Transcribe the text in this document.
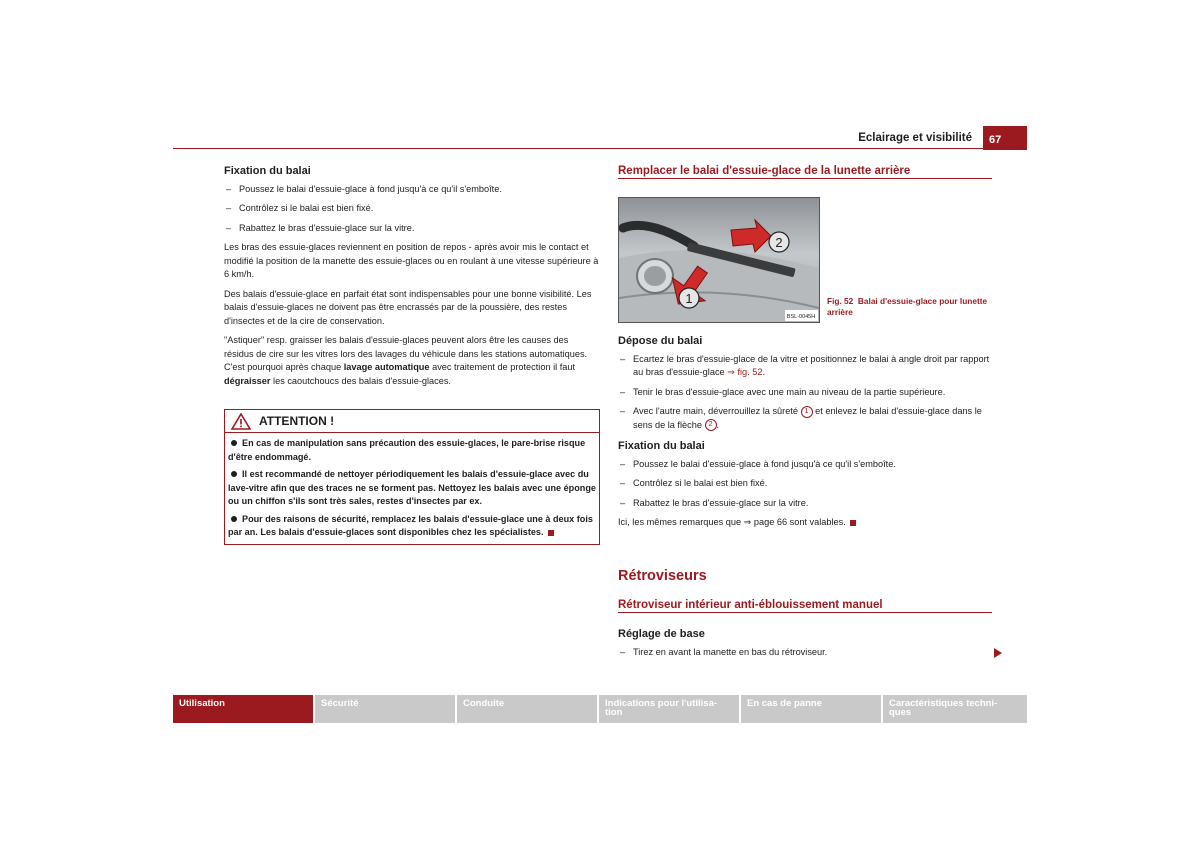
Eclairage et visibilité	67
Fixation du balai
– Poussez le balai d'essuie-glace à fond jusqu'à ce qu'il s'emboîte.
– Contrôlez si le balai est bien fixé.
– Rabattez le bras d'essuie-glace sur la vitre.

Les bras des essuie-glaces reviennent en position de repos - après avoir mis le contact et modifié la position de la manette des essuie-glaces ou en roulant à une vitesse supérieure à 6 km/h.

Des balais d'essuie-glace en parfait état sont indispensables pour une bonne visibilité. Les balais d'essuie-glaces ne doivent pas être encrassés par de la poussière, des restes d'insectes et de la cire de conservation.

"Astiquer" resp. graisser les balais d'essuie-glaces peuvent alors être les causes des résidus de cire sur les vitres lors des lavages du véhicule dans les stations automatiques. C'est pourquoi après chaque lavage automatique avec traitement de protection il faut dégraisser les caoutchoucs des balais d'essuie-glaces.

ATTENTION !

En cas de manipulation sans précaution des essuie-glaces, le pare-brise risque d'être endommagé.

Il est recommandé de nettoyer périodiquement les balais d'essuie-glace avec du lave-vitre afin que des traces ne se forment pas. Nettoyez les balais avec une éponge ou un chiffon s'ils sont très sales, restes d'insectes par ex.

Pour des raisons de sécurité, remplacez les balais d'essuie-glace une à deux fois par an. Les balais d'essuie-glaces sont disponibles chez les spécialistes.

Remplacer le balai d'essuie-glace de la lunette arrière
2
1
BSL-0045H
Fig. 52 Balai d'essuie-glace pour lunette arrière
Dépose du balai
– Ecartez le bras d'essuie-glace de la vitre et positionnez le balai à angle droit par rapport au bras d'essuie-glace ⇒ fig. 52.
– Tenir le bras d'essuie-glace avec une main au niveau de la partie supérieure.
– Avec l'autre main, déverrouillez la sûreté 1 et enlevez le balai d'essuie-glace dans le sens de la flèche 2 .
Fixation du balai
– Poussez le balai d'essuie-glace à fond jusqu'à ce qu'il s'emboîte.
– Contrôlez si le balai est bien fixé.
– Rabattez le bras d'essuie-glace sur la vitre.

Ici, les mêmes remarques que ⇒ page 66 sont valables.

Rétroviseurs
Rétroviseur intérieur anti-éblouissement manuel
Réglage de base
– Tirez en avant la manette en bas du rétroviseur.
Utilisation	Sécurité	Conduite	Indications pour l'utilisa-
tion
En cas de panne	Caractéristiques techni-
ques
